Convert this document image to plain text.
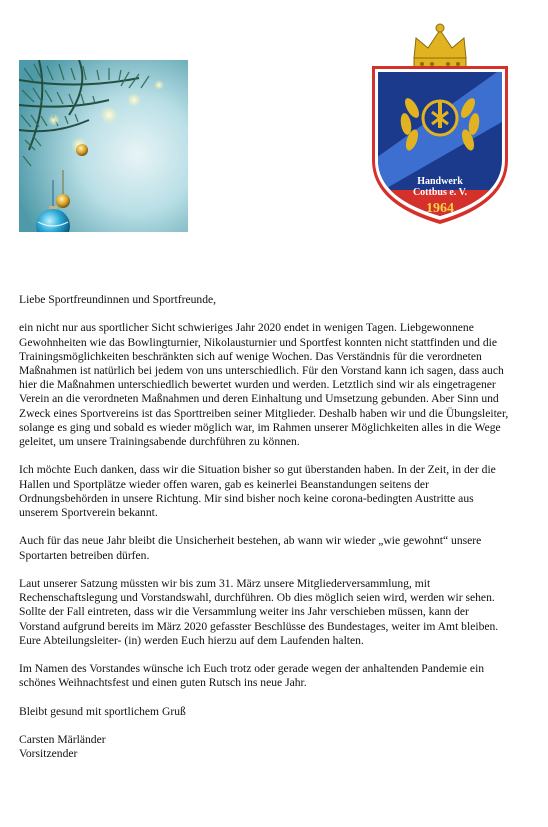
Handwerk
Cottbus e. V.
1964

Liebe Sportfreundinnen und Sportfreunde,

ein nicht nur aus sportlicher Sicht schwieriges Jahr 2020 endet in wenigen Tagen. Liebgewonnene Gewohnheiten wie das Bowlingturnier, Nikolausturnier und Sportfest konnten nicht stattfinden und die Trainingsmöglichkeiten beschränkten sich auf wenige Wochen. Das Verständnis für die verordneten Maßnahmen ist natürlich bei jedem von uns unterschiedlich. Für den Vorstand kann ich sagen, dass auch hier die Maßnahmen unterschiedlich bewertet wurden und werden. Letztlich sind wir als eingetragener Verein an die verordneten Maßnahmen und deren Einhaltung und Umsetzung gebunden. Aber Sinn und Zweck eines Sportvereins ist das Sporttreiben seiner Mitglieder. Deshalb haben wir und die Übungsleiter, solange es ging und sobald es wieder möglich war, im Rahmen unserer Möglichkeiten alles in die Wege geleitet, um unsere Trainingsabende durchführen zu können.

Ich möchte Euch danken, dass wir die Situation bisher so gut überstanden haben. In der Zeit, in der die Hallen und Sportplätze wieder offen waren, gab es keinerlei Beanstandungen seitens der Ordnungsbehörden in unsere Richtung. Mir sind bisher noch keine corona-bedingten Austritte aus unserem Sportverein bekannt.

Auch für das neue Jahr bleibt die Unsicherheit bestehen, ab wann wir wieder „wie gewohnt“ unsere Sportarten betreiben dürfen.

Laut unserer Satzung müssten wir bis zum 31. März unsere Mitgliederversammlung, mit Rechenschaftslegung und Vorstandswahl, durchführen. Ob dies möglich seien wird, werden wir sehen. Sollte der Fall eintreten, dass wir die Versammlung weiter ins Jahr verschieben müssen, kann der Vorstand aufgrund bereits im März 2020 gefasster Beschlüsse des Bundestages, weiter im Amt bleiben. Eure Abteilungsleiter- (in) werden Euch hierzu auf dem Laufenden halten.

Im Namen des Vorstandes wünsche ich Euch trotz oder gerade wegen der anhaltenden Pandemie ein schönes Weihnachtsfest und einen guten Rutsch ins neue Jahr.

Bleibt gesund mit sportlichem Gruß

Carsten Märländer

Vorsitzender
